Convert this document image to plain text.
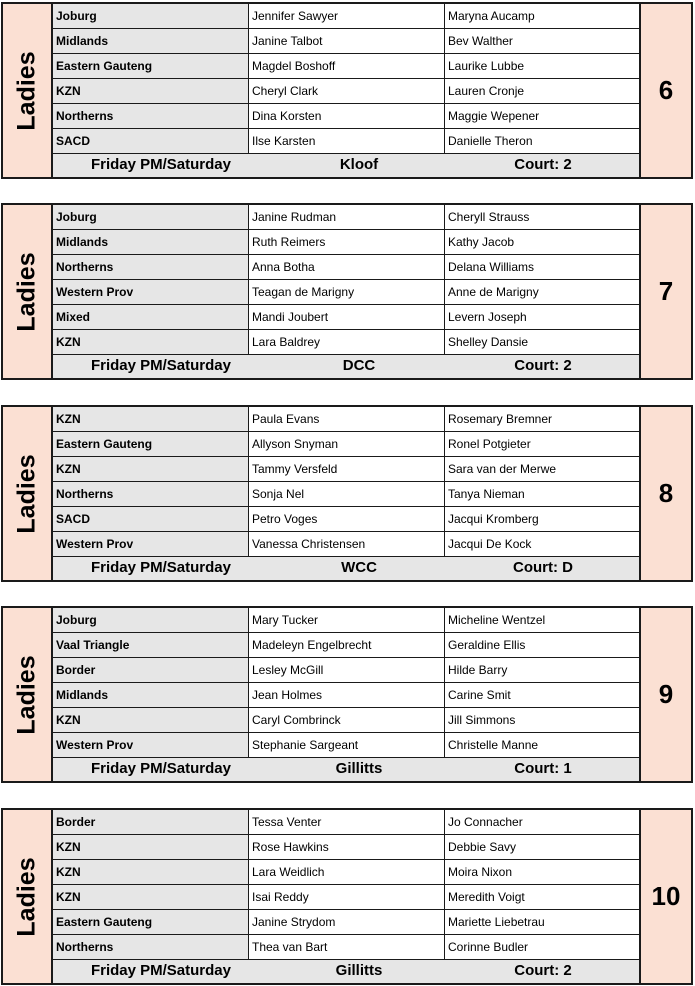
Ladies
Joburg	Jennifer Sawyer	Maryna Aucamp
Midlands	Janine Talbot	Bev Walther
Eastern Gauteng	Magdel Boshoff	Laurike Lubbe
KZN	Cheryl Clark	Lauren Cronje
Northerns	Dina Korsten	Maggie Wepener
SACD	Ilse Karsten	Danielle Theron
Friday PM/Saturday	Kloof	Court: 2
6
Ladies
Joburg	Janine Rudman	Cheryll Strauss
Midlands	Ruth Reimers	Kathy Jacob
Northerns	Anna Botha	Delana Williams
Western Prov	Teagan de Marigny	Anne de Marigny
Mixed	Mandi Joubert	Levern Joseph
KZN	Lara Baldrey	Shelley Dansie
Friday PM/Saturday	DCC	Court: 2
7
Ladies
KZN	Paula Evans	Rosemary Bremner
Eastern Gauteng	Allyson Snyman	Ronel Potgieter
KZN	Tammy Versfeld	Sara van der Merwe
Northerns	Sonja Nel	Tanya Nieman
SACD	Petro Voges	Jacqui Kromberg
Western Prov	Vanessa Christensen	Jacqui De Kock
Friday PM/Saturday	WCC	Court: D
8
Ladies
Joburg	Mary Tucker	Micheline Wentzel
Vaal Triangle	Madeleyn Engelbrecht	Geraldine Ellis
Border	Lesley McGill	Hilde Barry
Midlands	Jean Holmes	Carine Smit
KZN	Caryl Combrinck	Jill Simmons
Western Prov	Stephanie Sargeant	Christelle Manne
Friday PM/Saturday	Gillitts	Court: 1
9
Ladies
Border	Tessa Venter	Jo Connacher
KZN	Rose Hawkins	Debbie Savy
KZN	Lara Weidlich	Moira Nixon
KZN	Isai Reddy	Meredith Voigt
Eastern Gauteng	Janine Strydom	Mariette Liebetrau
Northerns	Thea van Bart	Corinne Budler
Friday PM/Saturday	Gillitts	Court: 2
10
